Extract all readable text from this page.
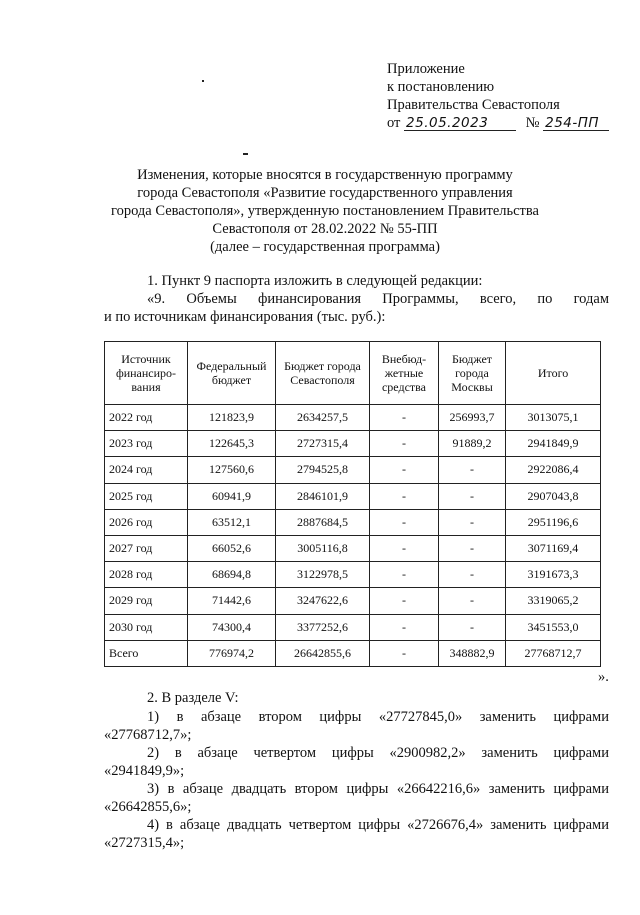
Приложение
к постановлению
Правительства Севастополя
от 25.05.2023	№ 254-ПП
Изменения, которые вносятся в государственную программу
города Севастополя «Развитие государственного управления
города Севастополя», утвержденную постановлением Правительства
Севастополя от 28.02.2022 № 55-ПП
(далее – государственная программа)
1. Пункт 9 паспорта изложить в следующей редакции:
«9. Объемы финансирования Программы, всего, по годам
и по источникам финансирования (тыс. руб.):
Источник финансиро-вания	Федеральный бюджет	Бюджет города Севастополя	Внебюд-жетные средства	Бюджет города Москвы	Итого
2022 год	121823,9	2634257,5	-	256993,7	3013075,1
2023 год	122645,3	2727315,4	-	91889,2	2941849,9
2024 год	127560,6	2794525,8	-	-	2922086,4
2025 год	60941,9	2846101,9	-	-	2907043,8
2026 год	63512,1	2887684,5	-	-	2951196,6
2027 год	66052,6	3005116,8	-	-	3071169,4
2028 год	68694,8	3122978,5	-	-	3191673,3
2029 год	71442,6	3247622,6	-	-	3319065,2
2030 год	74300,4	3377252,6	-	-	3451553,0
Всего	776974,2	26642855,6	-	348882,9	27768712,7
».
2. В разделе V:
1) в абзаце втором цифры «27727845,0» заменить цифрами
«27768712,7»;
2) в абзаце четвертом цифры «2900982,2» заменить цифрами
«2941849,9»;
3) в абзаце двадцать втором цифры «26642216,6» заменить цифрами
«26642855,6»;
4) в абзаце двадцать четвертом цифры «2726676,4» заменить цифрами
«2727315,4»;
